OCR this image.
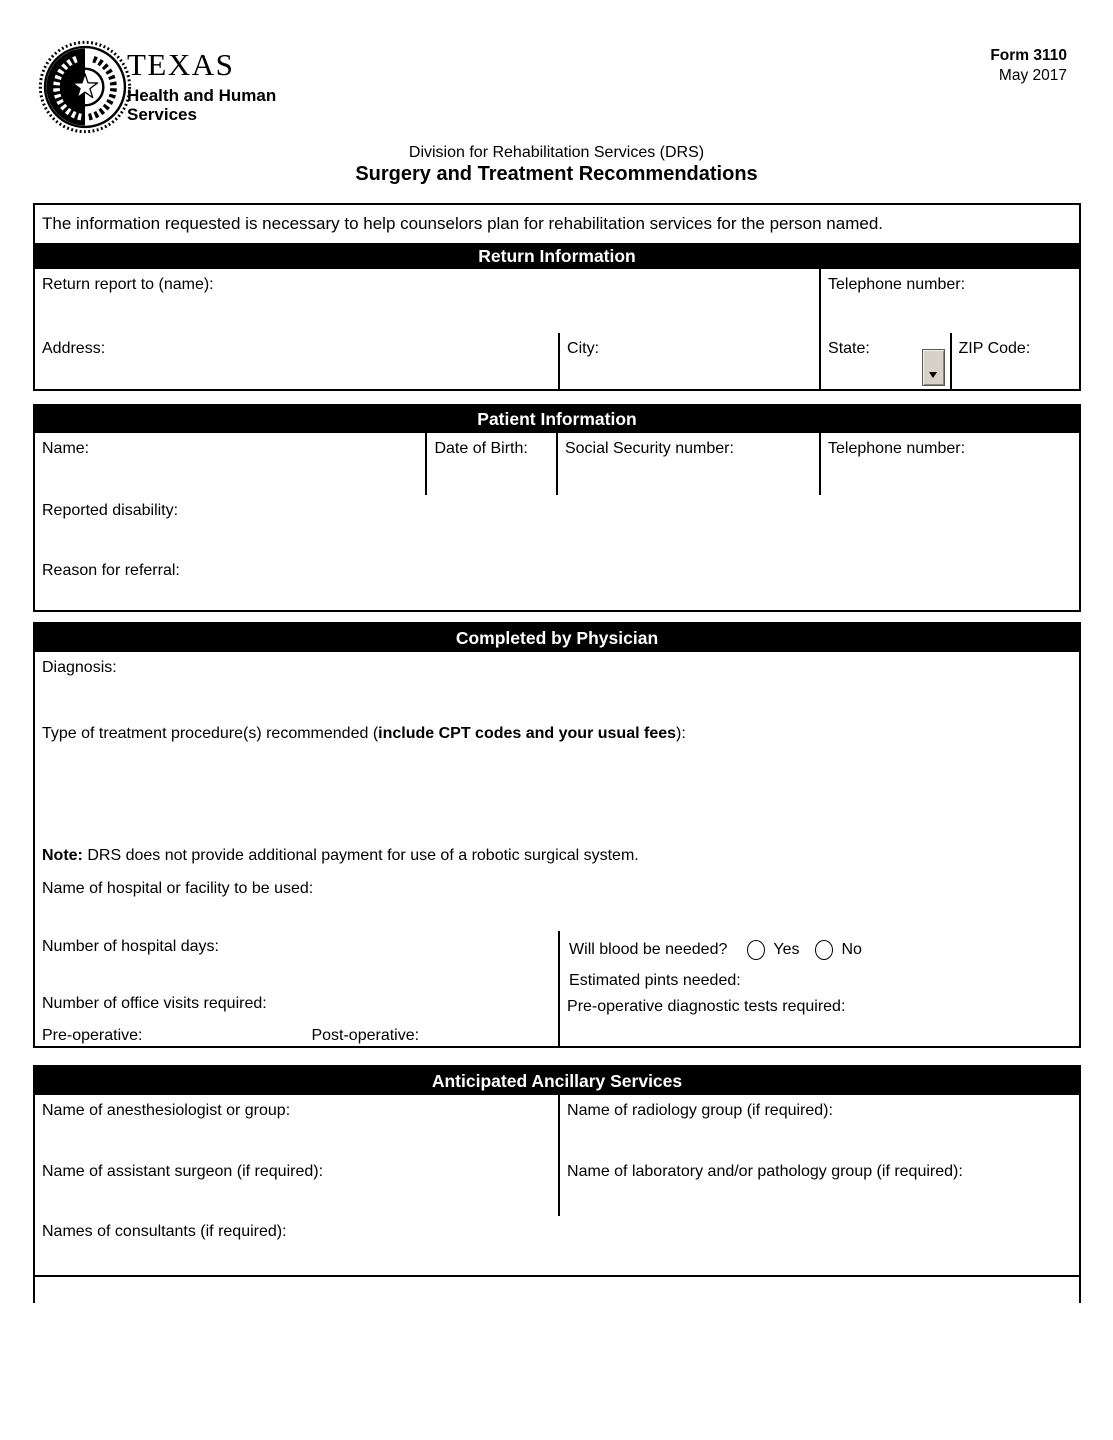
TEXAS
Health and Human
Services
Form 3110
May 2017
Division for Rehabilitation Services (DRS)
Surgery and Treatment Recommendations
The information requested is necessary to help counselors plan for rehabilitation services for the person named.
Return Information
Return report to (name):	Telephone number:
Address:	City:	State:	ZIP Code:
Patient Information
Name:	Date of Birth:	Social Security number:	Telephone number:
Reported disability:
Reason for referral:
Completed by Physician
Diagnosis:
Type of treatment procedure(s) recommended (include CPT codes and your usual fees):
Note: DRS does not provide additional payment for use of a robotic surgical system.
Name of hospital or facility to be used:
Number of hospital days:	Will blood be needed?	Yes	No
Estimated pints needed:
Number of office visits required:
Pre-operative:	Post-operative:
Pre-operative diagnostic tests required:
Anticipated Ancillary Services
Name of anesthesiologist or group:	Name of radiology group (if required):
Name of assistant surgeon (if required):	Name of laboratory and/or pathology group (if required):
Names of consultants (if required):
